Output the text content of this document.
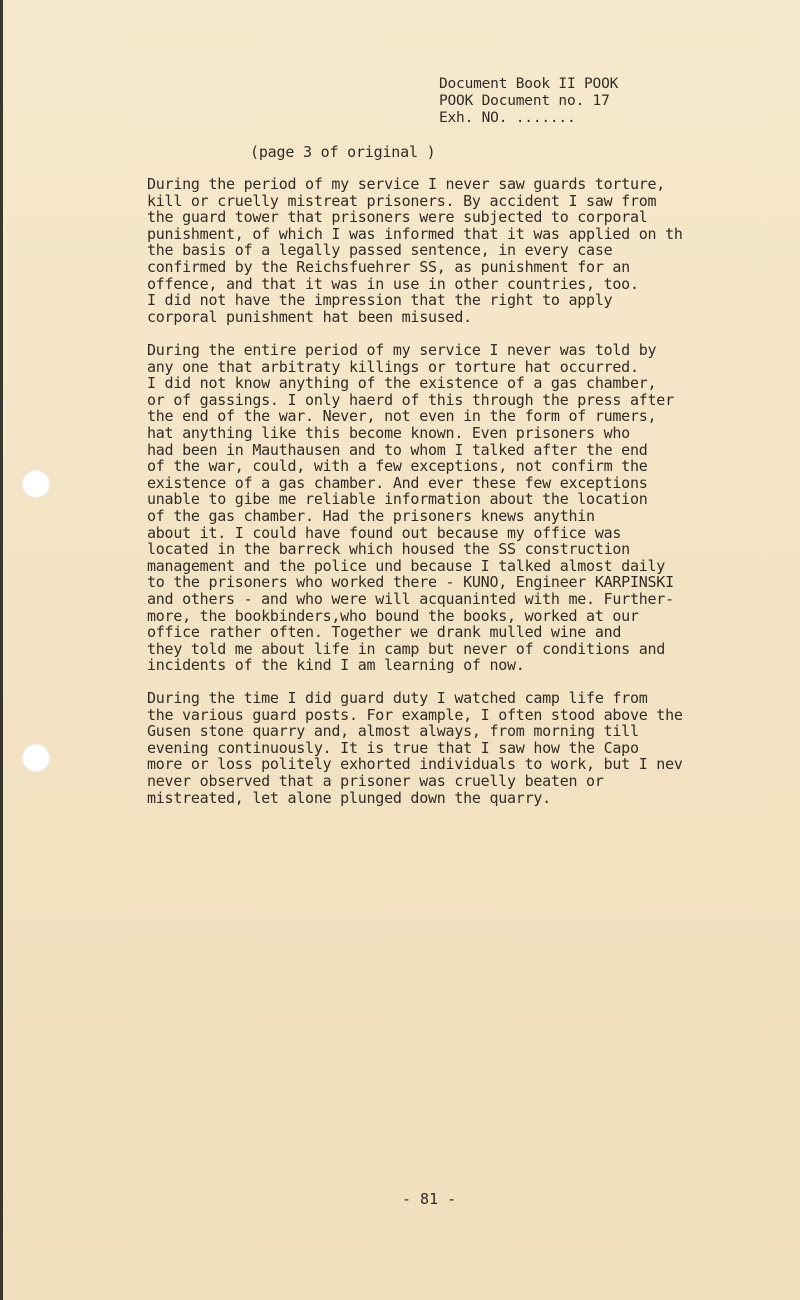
Document Book II POOK
POOK Document no. 17
Exh. NO. .......
(page 3 of original )
During the period of my service I never saw guards torture,
kill or cruelly mistreat prisoners. By accident I saw from
the guard tower that prisoners were subjected to corporal
punishment, of which I was informed that it was applied on th
the basis of a legally passed sentence, in every case
confirmed by the Reichsfuehrer SS, as punishment for an
offence, and that it was in use in other countries, too.
I did not have the impression that the right to apply
corporal punishment hat been misused.
During the entire period of my service I never was told by
any one that arbitraty killings or torture hat occurred.
I did not know anything of the existence of a gas chamber,
or of gassings. I only haerd of this through the press after
the end of the war. Never, not even in the form of rumers,
hat anything like this become known. Even prisoners who
had been in Mauthausen and to whom I talked after the end
of the war, could, with a few exceptions, not confirm the
existence of a gas chamber. And ever these few exceptions
unable to gibe me reliable information about the location
of the gas chamber. Had the prisoners knews anythin
about it. I could have found out because my office was
located in the barreck which housed the SS construction
management and the police und because I talked almost daily
to the prisoners who worked there - KUNO, Engineer KARPINSKI
and others - and who were will acquaninted with me. Further-
more, the bookbinders,who bound the books, worked at our
office rather often. Together we drank mulled wine and
they told me about life in camp but never of conditions and
incidents of the kind I am learning of now.
During the time I did guard duty I watched camp life from
the various guard posts. For example, I often stood above the
Gusen stone quarry and, almost always, from morning till
evening continuously. It is true that I saw how the Capo
more or loss politely exhorted individuals to work, but I nev
never observed that a prisoner was cruelly beaten or
mistreated, let alone plunged down the quarry.
- 81 -
